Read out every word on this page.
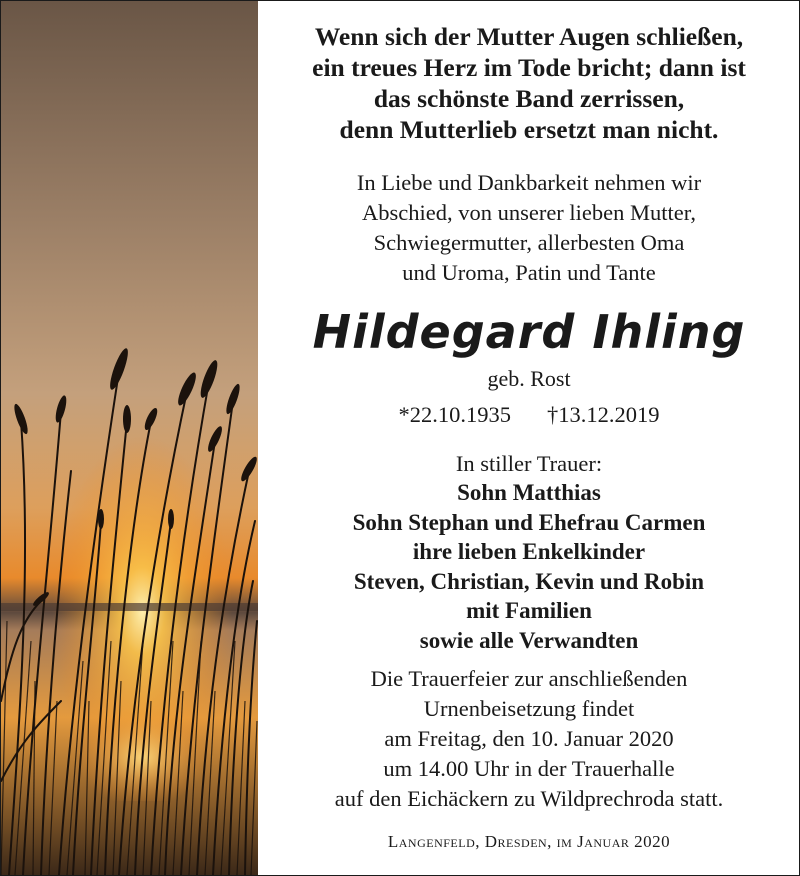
Wenn sich der Mutter Augen schließen,
ein treues Herz im Tode bricht; dann ist
das schönste Band zerrissen,
denn Mutterlieb ersetzt man nicht.
In Liebe und Dankbarkeit nehmen wir
Abschied, von unserer lieben Mutter,
Schwiegermutter, allerbesten Oma
und Uroma, Patin und Tante
Hildegard Ihling
geb. Rost
*22.10.1935 †13.12.2019
In stiller Trauer:
Sohn Matthias
Sohn Stephan und Ehefrau Carmen
ihre lieben Enkelkinder
Steven, Christian, Kevin und Robin
mit Familien
sowie alle Verwandten
Die Trauerfeier zur anschließenden
Urnenbeisetzung findet
am Freitag, den 10. Januar 2020
um 14.00 Uhr in der Trauerhalle
auf den Eichäckern zu Wildprechroda statt.
Langenfeld, Dresden, im Januar 2020
